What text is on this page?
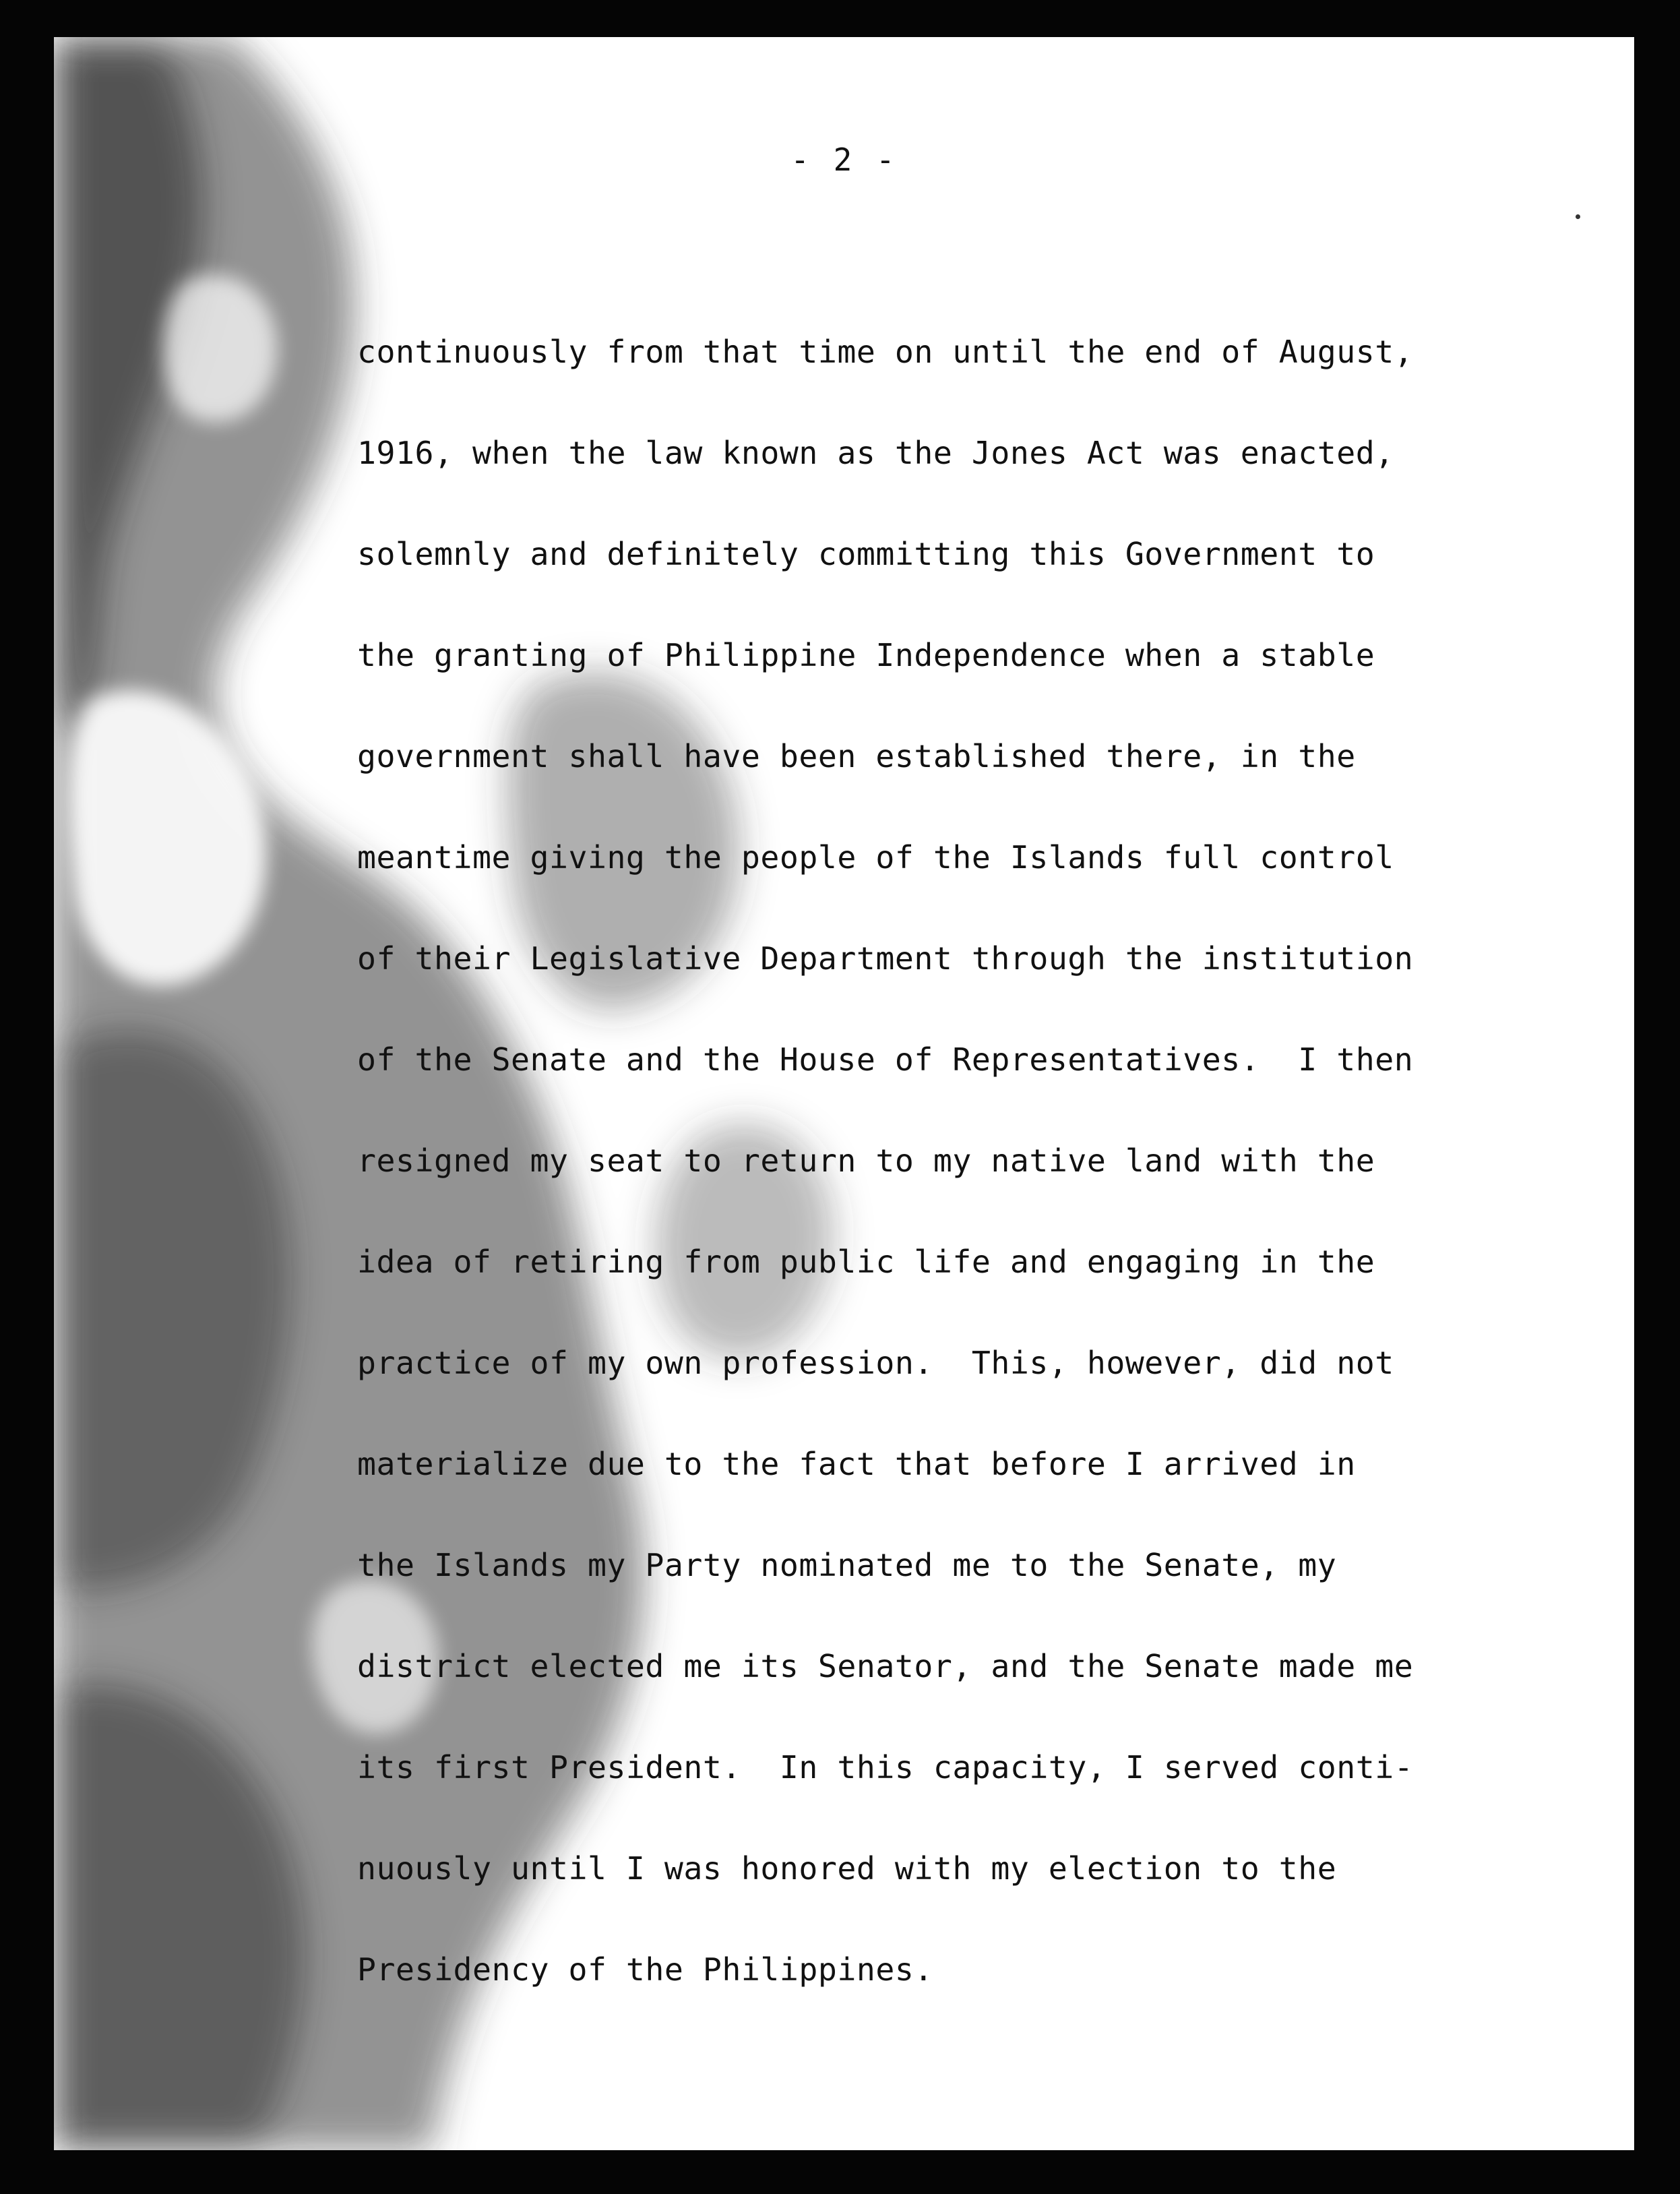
- 2 -
continuously from that time on until the end of August,
1916, when the law known as the Jones Act was enacted,
solemnly and definitely committing this Government to
the granting of Philippine Independence when a stable
government shall have been established there, in the
meantime giving the people of the Islands full control
of their Legislative Department through the institution
of the Senate and the House of Representatives.  I then
resigned my seat to return to my native land with the
idea of retiring from public life and engaging in the
practice of my own profession.  This, however, did not
materialize due to the fact that before I arrived in
the Islands my Party nominated me to the Senate, my
district elected me its Senator, and the Senate made me
its first President.  In this capacity, I served conti-
nuously until I was honored with my election to the
Presidency of the Philippines.
